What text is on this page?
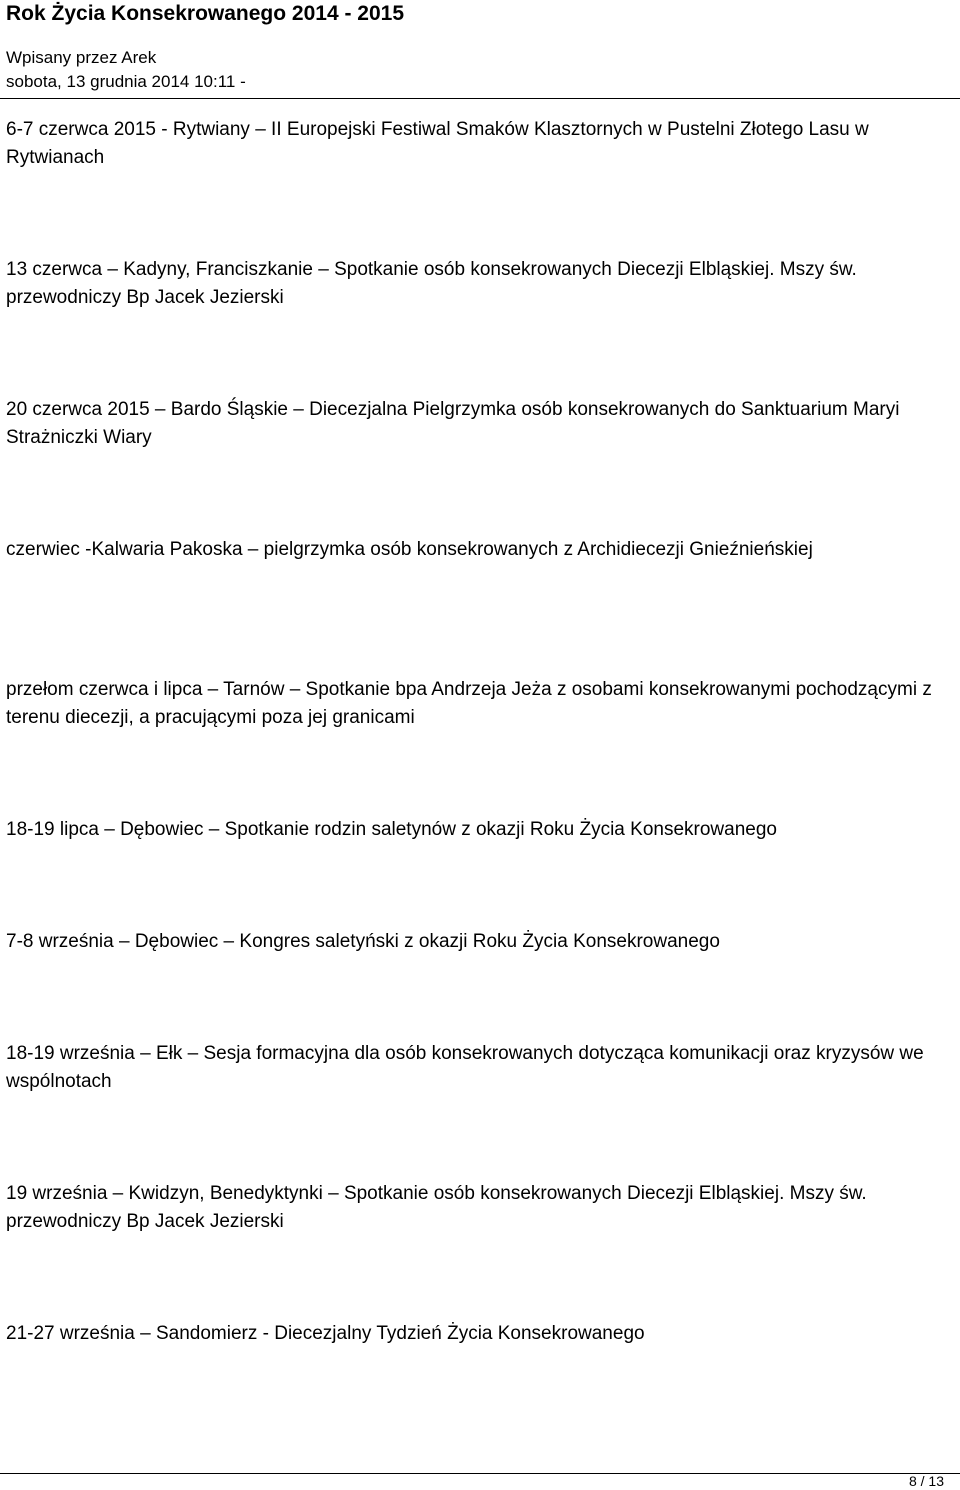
Rok Życia Konsekrowanego 2014 - 2015
Wpisany przez Arek
sobota, 13 grudnia 2014 10:11 -

6-7 czerwca 2015 - Rytwiany – II Europejski Festiwal Smaków Klasztornych w Pustelni Złotego Lasu w Rytwianach

13 czerwca – Kadyny, Franciszkanie – Spotkanie osób konsekrowanych Diecezji Elbląskiej. Mszy św. przewodniczy Bp Jacek Jezierski

20 czerwca 2015 – Bardo Śląskie – Diecezjalna Pielgrzymka osób konsekrowanych do Sanktuarium Maryi Strażniczki Wiary

czerwiec -Kalwaria Pakoska – pielgrzymka osób konsekrowanych z Archidiecezji Gnieźnieńskiej

przełom czerwca i lipca – Tarnów – Spotkanie bpa Andrzeja Jeża z osobami konsekrowanymi pochodzącymi z terenu diecezji, a pracującymi poza jej granicami

18-19 lipca – Dębowiec – Spotkanie rodzin saletynów z okazji Roku Życia Konsekrowanego

7-8 września – Dębowiec – Kongres saletyński z okazji Roku Życia Konsekrowanego

18-19 września – Ełk – Sesja formacyjna dla osób konsekrowanych dotycząca komunikacji oraz kryzysów we wspólnotach

19 września – Kwidzyn, Benedyktynki – Spotkanie osób konsekrowanych Diecezji Elbląskiej. Mszy św. przewodniczy Bp Jacek Jezierski

21-27 września – Sandomierz - Diecezjalny Tydzień Życia Konsekrowanego

8 / 13
